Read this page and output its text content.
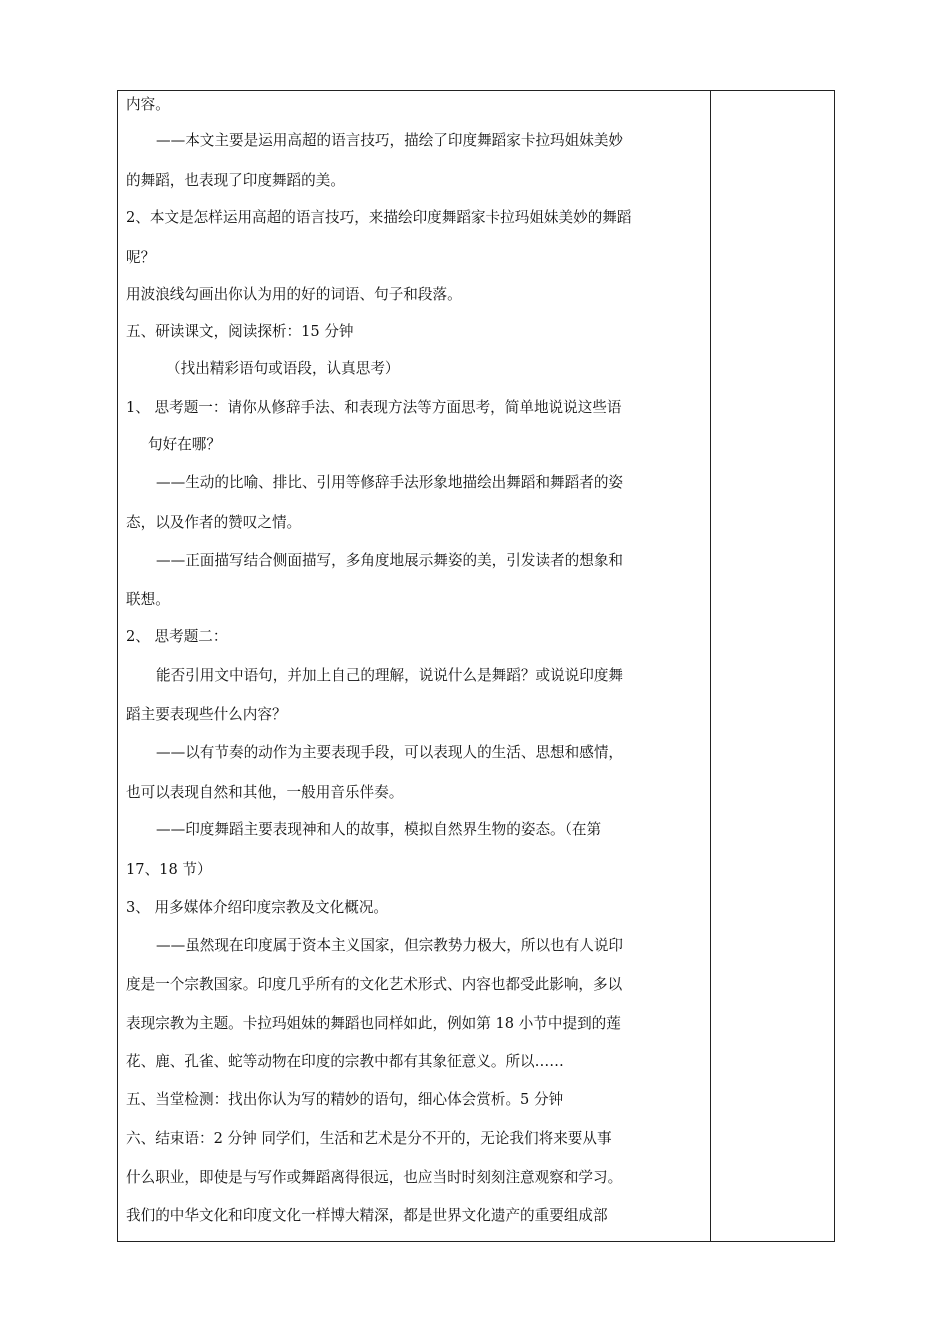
内容。
——本文主要是运用高超的语言技巧，描绘了印度舞蹈家卡拉玛姐妹美妙
的舞蹈，也表现了印度舞蹈的美。
2、本文是怎样运用高超的语言技巧，来描绘印度舞蹈家卡拉玛姐妹美妙的舞蹈
呢？
用波浪线勾画出你认为用的好的词语、句子和段落。
五、研读课文，阅读探析：15 分钟
（找出精彩语句或语段，认真思考）
1、 思考题一：请你从修辞手法、和表现方法等方面思考，简单地说说这些语
句好在哪？
——生动的比喻、排比、引用等修辞手法形象地描绘出舞蹈和舞蹈者的姿
态，以及作者的赞叹之情。
——正面描写结合侧面描写，多角度地展示舞姿的美，引发读者的想象和
联想。
2、 思考题二：
能否引用文中语句，并加上自己的理解，说说什么是舞蹈？或说说印度舞
蹈主要表现些什么内容？
——以有节奏的动作为主要表现手段，可以表现人的生活、思想和感情，
也可以表现自然和其他，一般用音乐伴奏。
——印度舞蹈主要表现神和人的故事，模拟自然界生物的姿态。（在第
17、18 节）
3、 用多媒体介绍印度宗教及文化概况。
——虽然现在印度属于资本主义国家，但宗教势力极大，所以也有人说印
度是一个宗教国家。印度几乎所有的文化艺术形式、内容也都受此影响，多以
表现宗教为主题。卡拉玛姐妹的舞蹈也同样如此，例如第 18 小节中提到的莲
花、鹿、孔雀、蛇等动物在印度的宗教中都有其象征意义。所以……
五、当堂检测：找出你认为写的精妙的语句，细心体会赏析。5 分钟
六、结束语：2 分钟 同学们，生活和艺术是分不开的，无论我们将来要从事
什么职业，即使是与写作或舞蹈离得很远，也应当时时刻刻注意观察和学习。
我们的中华文化和印度文化一样博大精深，都是世界文化遗产的重要组成部
